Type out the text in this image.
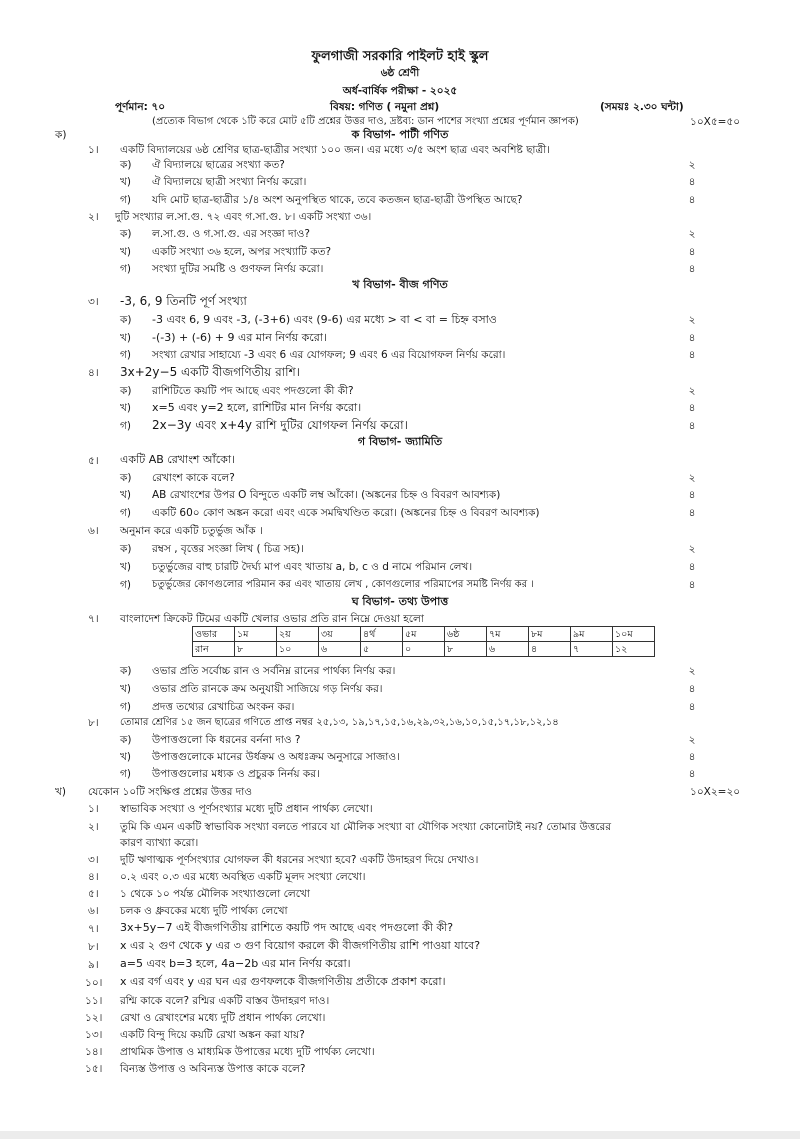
ফুলগাজী সরকারি পাইলট হাই স্কুল
৬ষ্ঠ শ্রেণী
অর্ধ-বার্ষিক পরীক্ষা - ২০২৫
পূর্ণমান: ৭০	বিষয়: গণিত ( নমুনা প্রশ্ন)	(সময়ঃ ২.৩০ ঘন্টা)
(প্রত্যেক বিভাগ থেকে ১টি করে মোট ৫টি প্রশ্নের উত্তর দাও, দ্রষ্টব্য: ডান পাশের সংখ্যা প্রশ্নের পূর্ণমান জ্ঞাপক)	১০X৫=৫০
ক)	ক বিভাগ- পাটী গণিত
১। একটি বিদ্যালয়ের ৬ষ্ঠ শ্রেণির ছাত্র-ছাত্রীর সংখ্যা ১০০ জন। এর মধ্যে ৩/৫ অংশ ছাত্র এবং অবশিষ্ট ছাত্রী।
ক) ঐ বিদ্যালয়ে ছাত্রের সংখ্যা কত?	২
খ) ঐ বিদ্যালয়ে ছাত্রী সংখ্যা নির্ণয় করো।	৪
গ) যদি মোট ছাত্র-ছাত্রীর ১/৪ অংশ অনুপস্থিত থাকে, তবে কতজন ছাত্র-ছাত্রী উপস্থিত আছে?	৪
২। দুটি সংখ্যার ল.সা.গু. ৭২ এবং গ.সা.গু. ৮। একটি সংখ্যা ৩৬।
ক) ল.সা.গু. ও গ.সা.গু. এর সংজ্ঞা দাও?	২
খ) একটি সংখ্যা ৩৬ হলে, অপর সংখ্যাটি কত?	৪
গ) সংখ্যা দুটির সমষ্টি ও গুণফল নির্ণয় করো।	৪
খ বিভাগ- বীজ গণিত
৩। -3, 6, 9 তিনটি পূর্ণ সংখ্যা
ক) -3 এবং 6, 9 এবং -3, (-3+6) এবং (9-6) এর মধ্যে > বা < বা = চিহ্ন বসাও	২
খ) -(-3) + (-6) + 9 এর মান নির্ণয় করো।	৪
গ) সংখ্যা রেখার সাহায্যে -3 এবং 6 এর যোগফল; 9 এবং 6 এর বিয়োগফল নির্ণয় করো।	৪
৪। 3x+2y−5 একটি বীজগণিতীয় রাশি।
ক) রাশিটিতে কয়টি পদ আছে এবং পদগুলো কী কী?	২
খ) x=5 এবং y=2 হলে, রাশিটির মান নির্ণয় করো।	৪
গ) 2x−3y এবং x+4y রাশি দুটির যোগফল নির্ণয় করো।	৪
গ বিভাগ- জ্যামিতি
৫। একটি AB রেখাংশ আঁকো।
ক) রেখাংশ কাকে বলে?	২
খ) AB রেখাংশের উপর O বিন্দুতে একটি লম্ব আঁকো। (অঙ্কনের চিহ্ন ও বিবরণ আবশ্যক)	৪
গ) একটি 60০ কোণ অঙ্কন করো এবং একে সমদ্বিখণ্ডিত করো। (অঙ্কনের চিহ্ন ও বিবরণ আবশ্যক)	৪
৬। অনুমান করে একটি চতুর্ভুজ আঁক ।
ক) রম্বস , বৃত্তের সংজ্ঞা লিখ ( চিত্র সহ)।	২
খ) চতুর্ভুজের বাহু চারটি দৈর্ঘ্য মাপ এবং খাতায় a, b, c ও d নামে পরিমান লেখ।	৪
গ) চতুর্ভুজের কোণগুলোর পরিমান কর এবং খাতায় লেখ , কোণগুলোর পরিমাপের সমষ্টি নির্ণয় কর ।	৪
ঘ বিভাগ- তথ্য উপাত্ত
৭। বাংলাদেশ ক্রিকেট টিমের একটি খেলার ওভার প্রতি রান নিম্নে দেওয়া হলো
ওভার	১ম	২য়	৩য়	৪র্থ	৫ম	৬ষ্ঠ	৭ম	৮ম	৯ম	১০ম
রান	৮	১০	৬	৫	০	৮	৬	৪	৭	১২
ক) ওভার প্রতি সর্বোচ্চ রান ও সর্বনিম্ন রানের পার্থক্য নির্ণয় কর।	২
খ) ওভার প্রতি রানকে ক্রম অনুযায়ী সাজিয়ে গড় নির্ণয় কর।	৪
গ) প্রদত্ত তথ্যের রেখাচিত্র অংকন কর।	৪
৮। তোমার শ্রেণির ১৫ জন ছাত্রের গণিতে প্রাপ্ত নম্বর ২৫,১৩, ১৯,১৭,১৫,১৬,২৯,৩২,১৬,১০,১৫,১৭,১৮,১২,১৪
ক) উপাত্তগুলো কি ধরনের বর্ননা দাও ?	২
খ) উপাত্তগুলোকে মানের উর্ধক্রম ও অধঃক্রম অনুসারে সাজাও।	৪
গ) উপাত্তগুলোর মধ্যক ও প্রচুরক নির্নয় কর।	৪
খ) যেকোন ১০টি সংক্ষিপ্ত প্রশ্নের উত্তর দাও	১০X২=২০
১। স্বাভাবিক সংখ্যা ও পূর্ণসংখ্যার মধ্যে দুটি প্রধান পার্থক্য লেখো।
২। তুমি কি এমন একটি স্বাভাবিক সংখ্যা বলতে পারবে যা মৌলিক সংখ্যা বা যৌগিক সংখ্যা কোনোটাই নয়? তোমার উত্তরের
কারণ ব্যাখ্যা করো।
৩। দুটি ঋণাত্মক পূর্ণসংখ্যার যোগফল কী ধরনের সংখ্যা হবে? একটি উদাহরণ দিয়ে দেখাও।
৪। ০.২ এবং ০.৩ এর মধ্যে অবস্থিত একটি মূলদ সংখ্যা লেখো।
৫। ১ থেকে ১০ পর্যন্ত মৌলিক সংখ্যাগুলো লেখো
৬। চলক ও ধ্রুবকের মধ্যে দুটি পার্থক্য লেখো
৭। 3x+5y−7 এই বীজগণিতীয় রাশিতে কয়টি পদ আছে এবং পদগুলো কী কী?
৮। x এর ২ গুণ থেকে y এর ৩ গুণ বিয়োগ করলে কী বীজগণিতীয় রাশি পাওয়া যাবে?
৯। a=5 এবং b=3 হলে, 4a−2b এর মান নির্ণয় করো।
১০। x এর বর্গ এবং y এর ঘন এর গুণফলকে বীজগণিতীয় প্রতীকে প্রকাশ করো।
১১। রশ্মি কাকে বলে? রশ্মির একটি বাস্তব উদাহরণ দাও।
১২। রেখা ও রেখাংশের মধ্যে দুটি প্রধান পার্থক্য লেখো।
১৩। একটি বিন্দু দিয়ে কয়টি রেখা অঙ্কন করা যায়?
১৪। প্রাথমিক উপাত্ত ও মাধ্যমিক উপাত্তের মধ্যে দুটি পার্থক্য লেখো।
১৫। বিন্যস্ত উপাত্ত ও অবিন্যস্ত উপাত্ত কাকে বলে?
